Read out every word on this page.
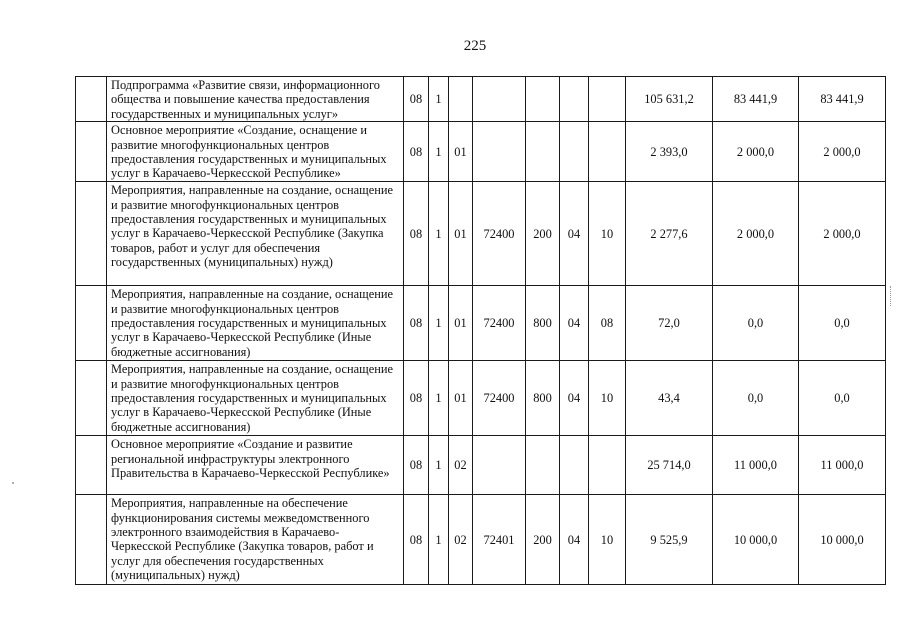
225
	Подпрограмма «Развитие связи, информационного общества и повышение качества предоставления государственных и муниципальных услуг»	08	1						105 631,2	83 441,9	83 441,9
	Основное мероприятие «Создание, оснащение и развитие многофункциональных центров предоставления государственных и муниципальных услуг в Карачаево-Черкесской Республике»	08	1	01					2 393,0	2 000,0	2 000,0
	Мероприятия, направленные на создание, оснащение и развитие многофункциональных центров предоставления государственных и муниципальных услуг в Карачаево-Черкесской Республике (Закупка товаров, работ и услуг для обеспечения государственных (муниципальных) нужд)	08	1	01	72400	200	04	10	2 277,6	2 000,0	2 000,0
	Мероприятия, направленные на создание, оснащение и развитие многофункциональных центров предоставления государственных и муниципальных услуг в Карачаево-Черкесской Республике (Иные бюджетные ассигнования)	08	1	01	72400	800	04	08	72,0	0,0	0,0
	Мероприятия, направленные на создание, оснащение и развитие многофункциональных центров предоставления государственных и муниципальных услуг в Карачаево-Черкесской Республике (Иные бюджетные ассигнования)	08	1	01	72400	800	04	10	43,4	0,0	0,0
	Основное мероприятие «Создание и развитие региональной инфраструктуры электронного Правительства в Карачаево-Черкесской Республике»	08	1	02					25 714,0	11 000,0	11 000,0
	Мероприятия, направленные на обеспечение функционирования системы межведомственного электронного взаимодействия в Карачаево-Черкесской Республике (Закупка товаров, работ и услуг для обеспечения государственных (муниципальных) нужд)	08	1	02	72401	200	04	10	9 525,9	10 000,0	10 000,0
